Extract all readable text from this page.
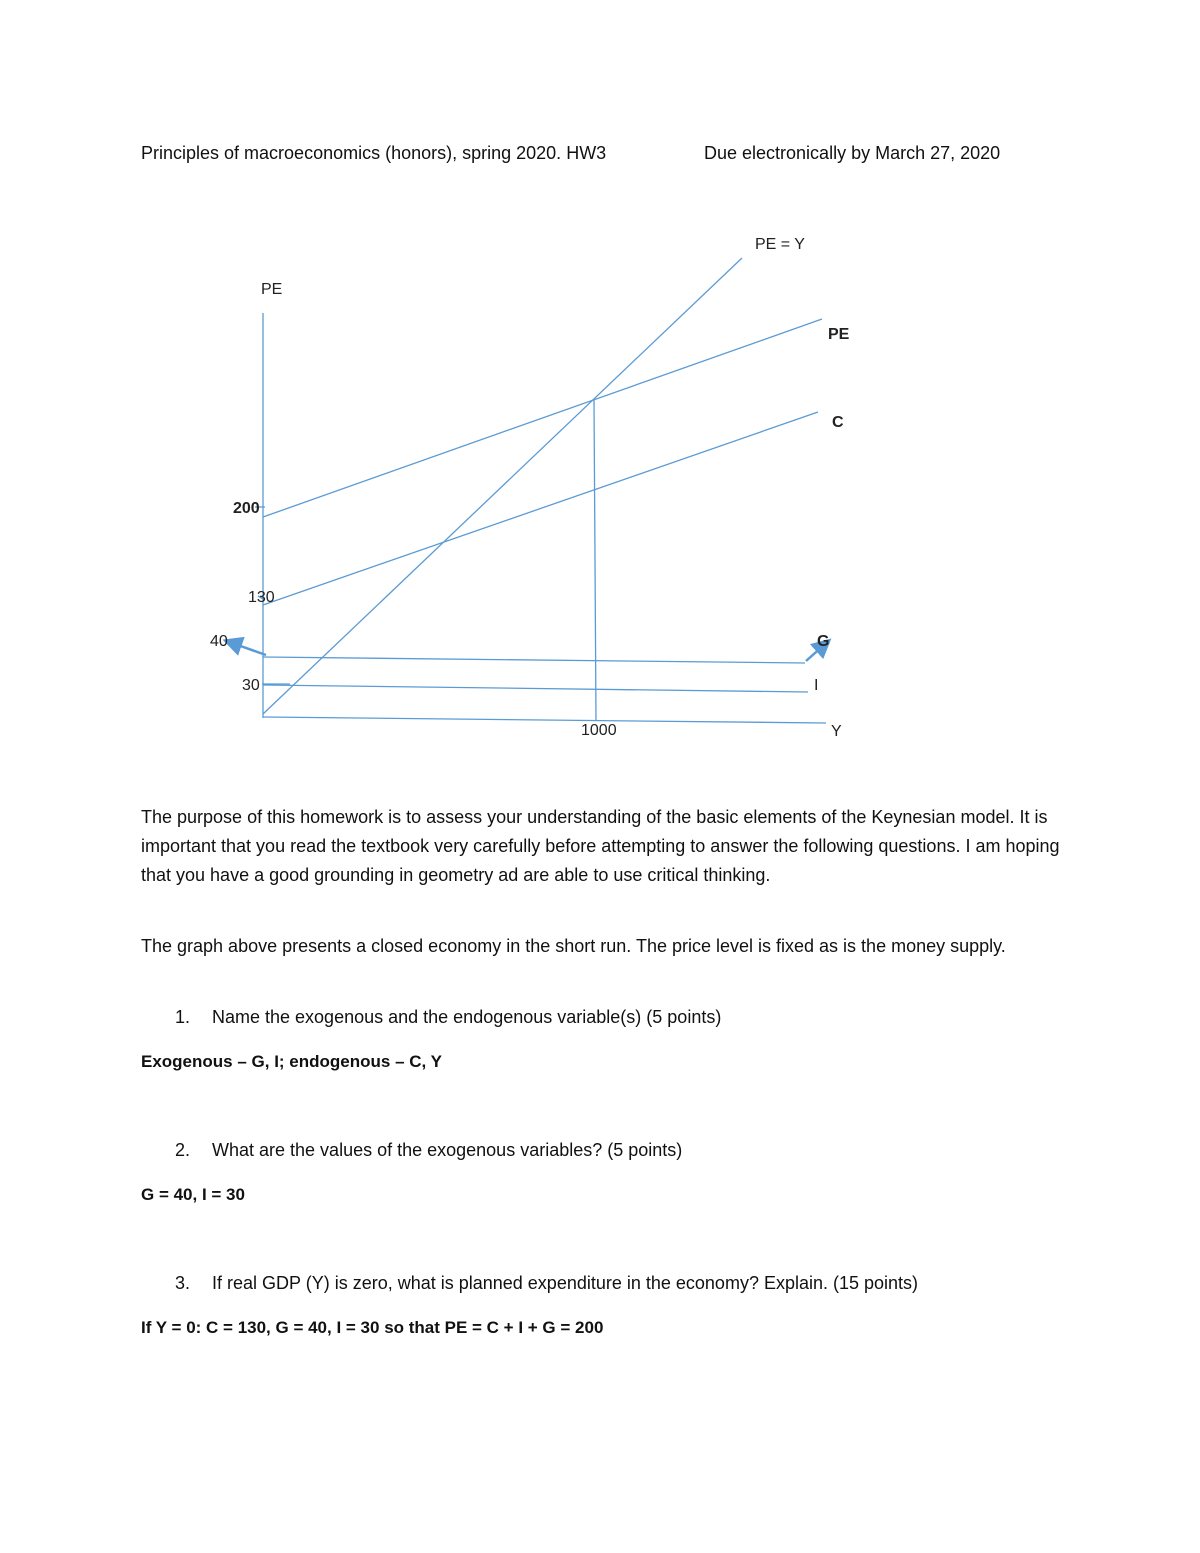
Principles of macroeconomics (honors), spring 2020. HW3	Due electronically by March 27, 2020
PE
PE = Y
PE
C
G
I
Y
200
130
40
30
1000
The purpose of this homework is to assess your understanding of the basic elements of the Keynesian model. It is important that you read the textbook very carefully before attempting to answer the following questions. I am hoping that you have a good grounding in geometry ad are able to use critical thinking.
The graph above presents a closed economy in the short run. The price level is fixed as is the money supply.
1. Name the exogenous and the endogenous variable(s) (5 points)
Exogenous – G, I; endogenous – C, Y
2. What are the values of the exogenous variables? (5 points)
G = 40, I = 30
3. If real GDP (Y) is zero, what is planned expenditure in the economy? Explain. (15 points)
If Y = 0: C = 130, G = 40, I = 30 so that PE = C + I + G = 200
